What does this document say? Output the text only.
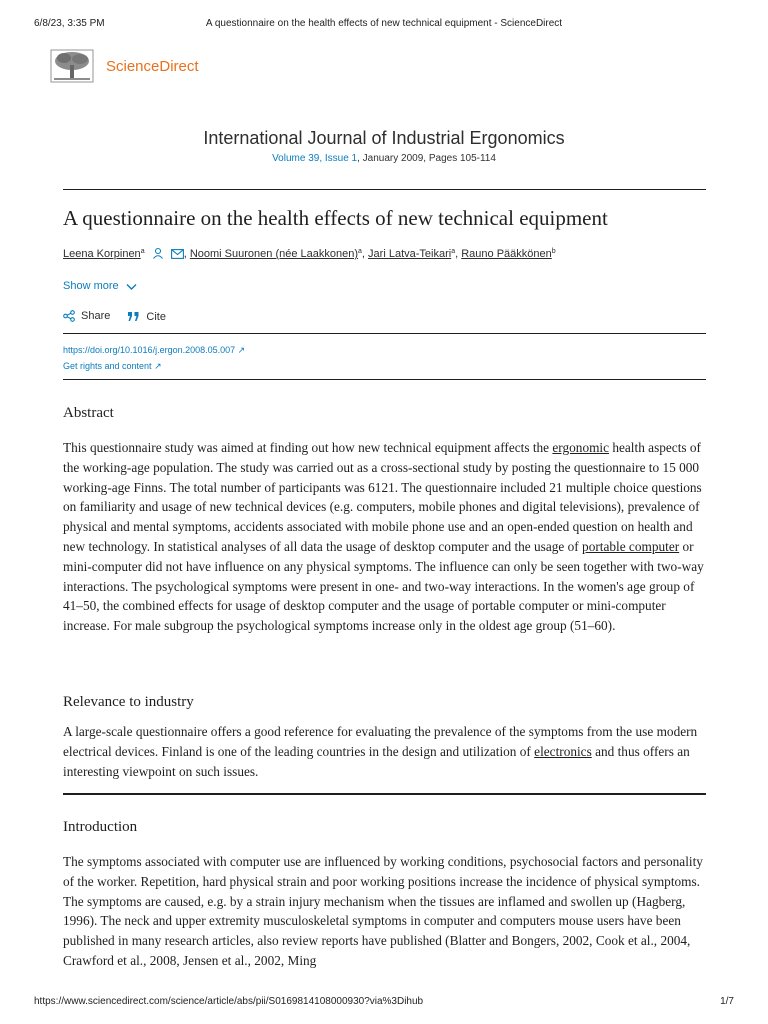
6/8/23, 3:35 PM	A questionnaire on the health effects of new technical equipment - ScienceDirect
ScienceDirect
International Journal of Industrial Ergonomics
Volume 39, Issue 1, January 2009, Pages 105-114
A questionnaire on the health effects of new technical equipment
Leena Korpinen$^a$	, Noomi Suuronen (née Laakkonen)$^a$, Jari Latva-Teikari$^a$, Rauno Pääkkönen$^b$
Show more
Share
	Cite
https://doi.org/10.1016/j.ergon.2008.05.007 ↗
Get rights and content ↗
Abstract

This questionnaire study was aimed at finding out how new technical equipment affects the ergonomic health aspects of the working-age population. The study was carried out as a cross-sectional study by posting the questionnaire to 15 000 working-age Finns. The total number of participants was 6121. The questionnaire included 21 multiple choice questions on familiarity and usage of new technical devices (e.g. computers, mobile phones and digital televisions), prevalence of physical and mental symptoms, accidents associated with mobile phone use and an open-ended question on health and new technology. In statistical analyses of all data the usage of desktop computer and the usage of portable computer or mini-computer did not have influence on any physical symptoms. The influence can only be seen together with two-way interactions. The psychological symptoms were present in one- and two-way interactions. In the women's age group of 41–50, the combined effects for usage of desktop computer and the usage of portable computer or mini-computer increase. For male subgroup the psychological symptoms increase only in the oldest age group (51–60).

Relevance to industry

A large-scale questionnaire offers a good reference for evaluating the prevalence of the symptoms from the use modern electrical devices. Finland is one of the leading countries in the design and utilization of electronics and thus offers an interesting viewpoint on such issues.

Introduction

The symptoms associated with computer use are influenced by working conditions, psychosocial factors and personality of the worker. Repetition, hard physical strain and poor working positions increase the incidence of physical symptoms. The symptoms are caused, e.g. by a strain injury mechanism when the tissues are inflamed and swollen up (Hagberg, 1996). The neck and upper extremity musculoskeletal symptoms in computer and computers mouse users have been published in many research articles, also review reports have published (Blatter and Bongers, 2002, Cook et al., 2004, Crawford et al., 2008, Jensen et al., 2002, Ming

https://www.sciencedirect.com/science/article/abs/pii/S0169814108000930?via%3Dihub	1/7
